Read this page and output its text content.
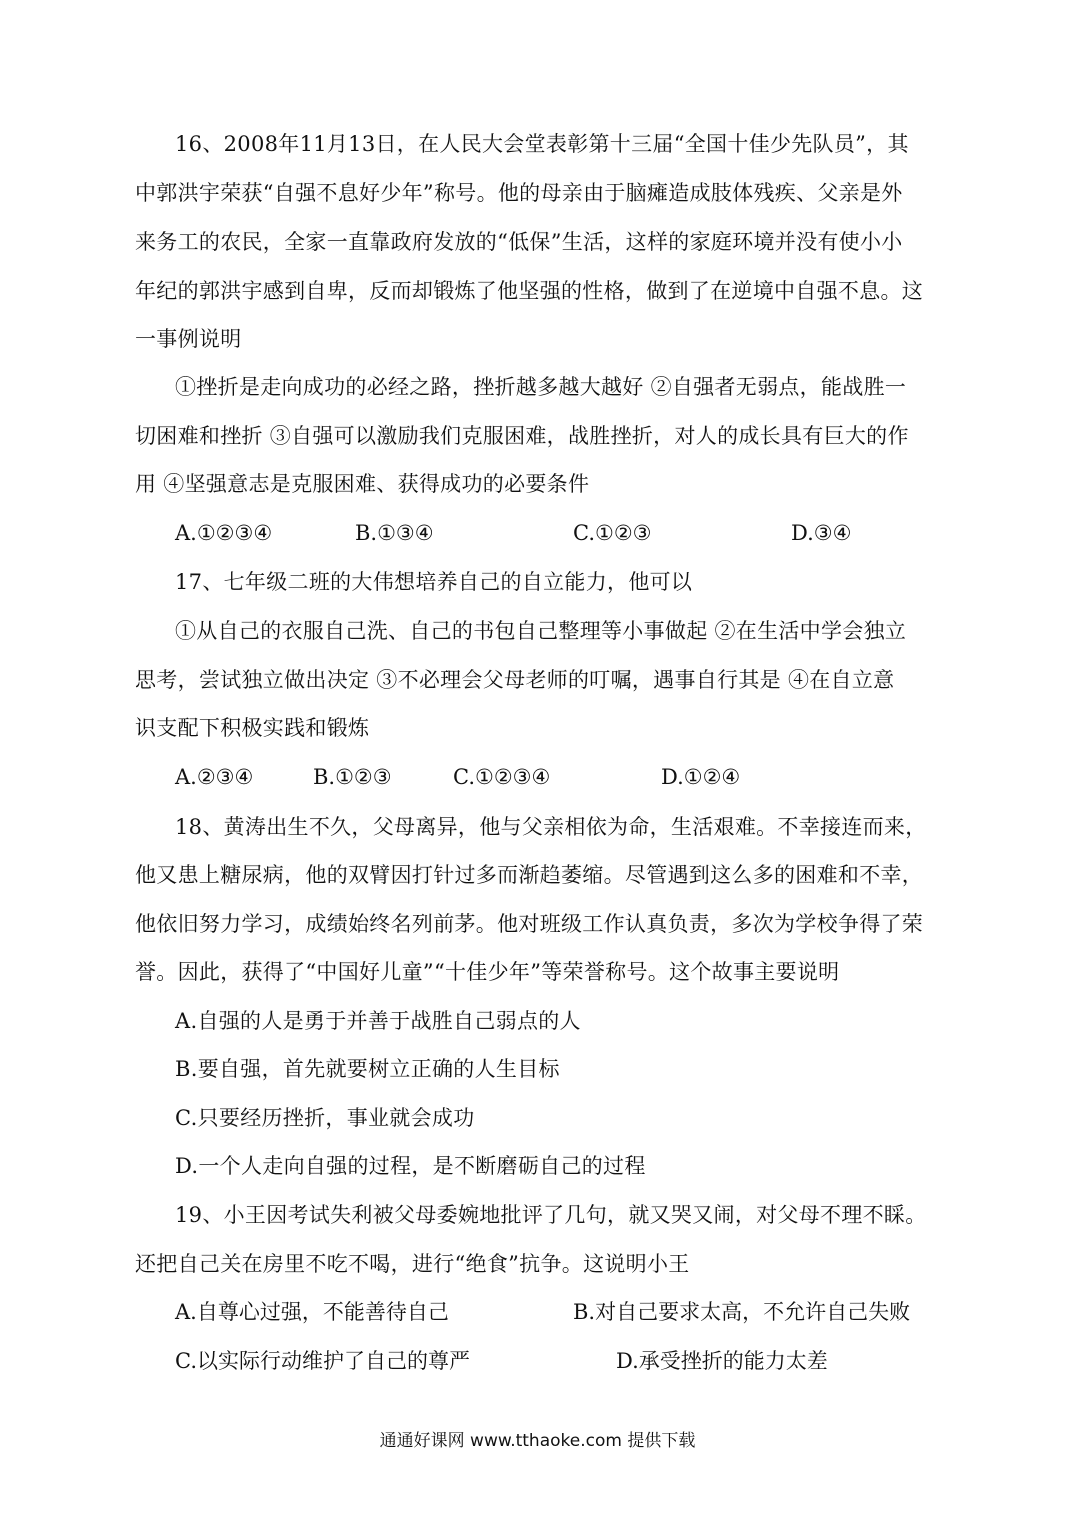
16、2008年11月13日，在人民大会堂表彰第十三届“全国十佳少先队员”，其
中郭洪宇荣获“自强不息好少年”称号。他的母亲由于脑瘫造成肢体残疾、父亲是外
来务工的农民，全家一直靠政府发放的“低保”生活，这样的家庭环境并没有使小小
年纪的郭洪宇感到自卑，反而却锻炼了他坚强的性格，做到了在逆境中自强不息。这
一事例说明
①挫折是走向成功的必经之路，挫折越多越大越好 ②自强者无弱点，能战胜一
切困难和挫折 ③自强可以激励我们克服困难，战胜挫折，对人的成长具有巨大的作
用 ④坚强意志是克服困难、获得成功的必要条件
A.①②③④	B.①③④	C.①②③	D.③④
17、七年级二班的大伟想培养自己的自立能力，他可以
①从自己的衣服自己洗、自己的书包自己整理等小事做起 ②在生活中学会独立
思考，尝试独立做出决定 ③不必理会父母老师的叮嘱，遇事自行其是 ④在自立意
识支配下积极实践和锻炼
A.②③④	B.①②③	C.①②③④	D.①②④
18、黄涛出生不久，父母离异，他与父亲相依为命，生活艰难。不幸接连而来，
他又患上糖尿病，他的双臂因打针过多而渐趋萎缩。尽管遇到这么多的困难和不幸，
他依旧努力学习，成绩始终名列前茅。他对班级工作认真负责，多次为学校争得了荣
誉。因此，获得了“中国好儿童”“十佳少年”等荣誉称号。这个故事主要说明
A.自强的人是勇于并善于战胜自己弱点的人
B.要自强，首先就要树立正确的人生目标
C.只要经历挫折，事业就会成功
D.一个人走向自强的过程，是不断磨砺自己的过程
19、小王因考试失利被父母委婉地批评了几句，就又哭又闹，对父母不理不睬。
还把自己关在房里不吃不喝，进行“绝食”抗争。这说明小王
A.自尊心过强，不能善待自己	B.对自己要求太高，不允许自己失败
C.以实际行动维护了自己的尊严	D.承受挫折的能力太差
通通好课网 www.tthaoke.com 提供下载
